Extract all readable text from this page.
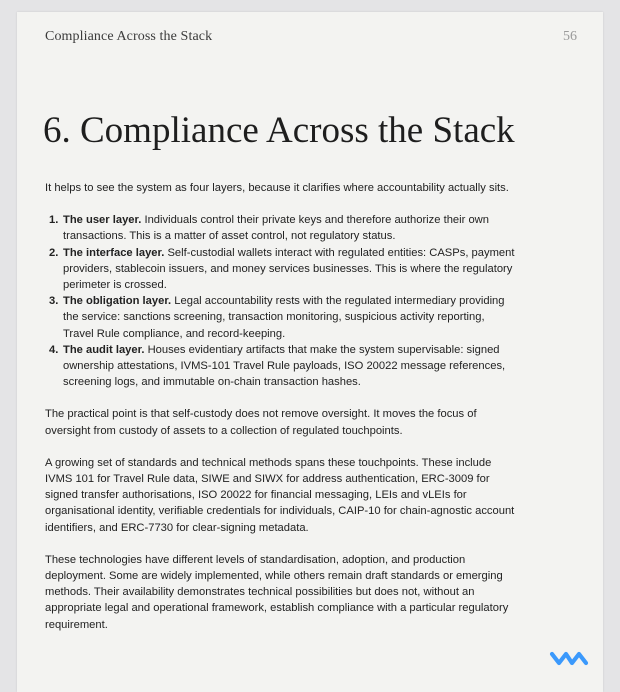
Compliance Across the Stack	56
6. Compliance Across the Stack

It helps to see the system as four layers, because it clarifies where accountability actually sits.

1. The user layer. Individuals control their private keys and therefore authorize their own transactions. This is a matter of asset control, not regulatory status.
2. The interface layer. Self-custodial wallets interact with regulated entities: CASPs, payment providers, stablecoin issuers, and money services businesses. This is where the regulatory perimeter is crossed.
3. The obligation layer. Legal accountability rests with the regulated intermediary providing the service: sanctions screening, transaction monitoring, suspicious activity reporting, Travel Rule compliance, and record-keeping.
4. The audit layer. Houses evidentiary artifacts that make the system supervisable: signed ownership attestations, IVMS-101 Travel Rule payloads, ISO 20022 message references, screening logs, and immutable on-chain transaction hashes.

The practical point is that self-custody does not remove oversight. It moves the focus of oversight from custody of assets to a collection of regulated touchpoints.

A growing set of standards and technical methods spans these touchpoints. These include IVMS 101 for Travel Rule data, SIWE and SIWX for address authentication, ERC-3009 for signed transfer authorisations, ISO 20022 for financial messaging, LEIs and vLEIs for organisational identity, verifiable credentials for individuals, CAIP-10 for chain-agnostic account identifiers, and ERC-7730 for clear-signing metadata.

These technologies have different levels of standardisation, adoption, and production deployment. Some are widely implemented, while others remain draft standards or emerging methods. Their availability demonstrates technical possibilities but does not, without an appropriate legal and operational framework, establish compliance with a particular regulatory requirement.
